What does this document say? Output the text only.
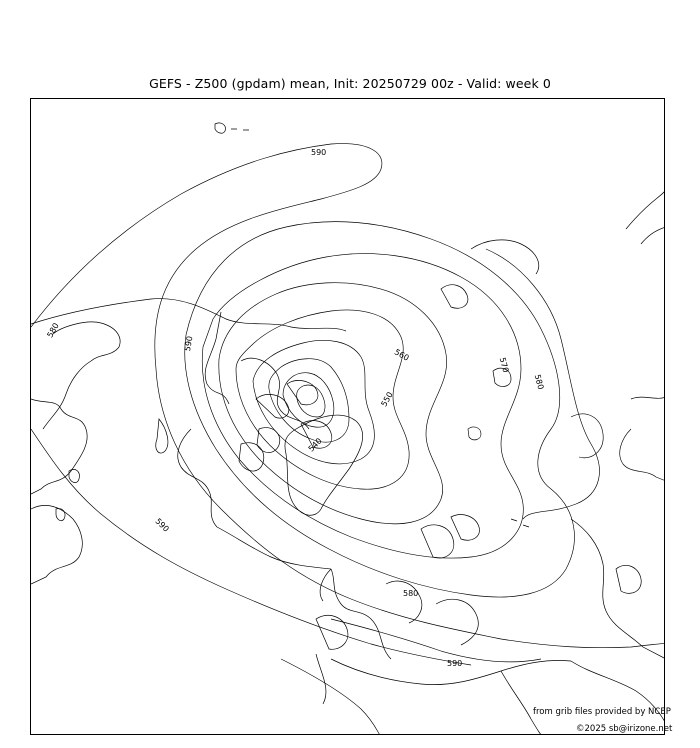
GEFS - Z500 (gpdam) mean, Init: 20250729 00z - Valid: week 0
590
580
590
560
570
580
550
540
590
580
590
from grib files provided by NCEP
©2025 sb@irizone.net
